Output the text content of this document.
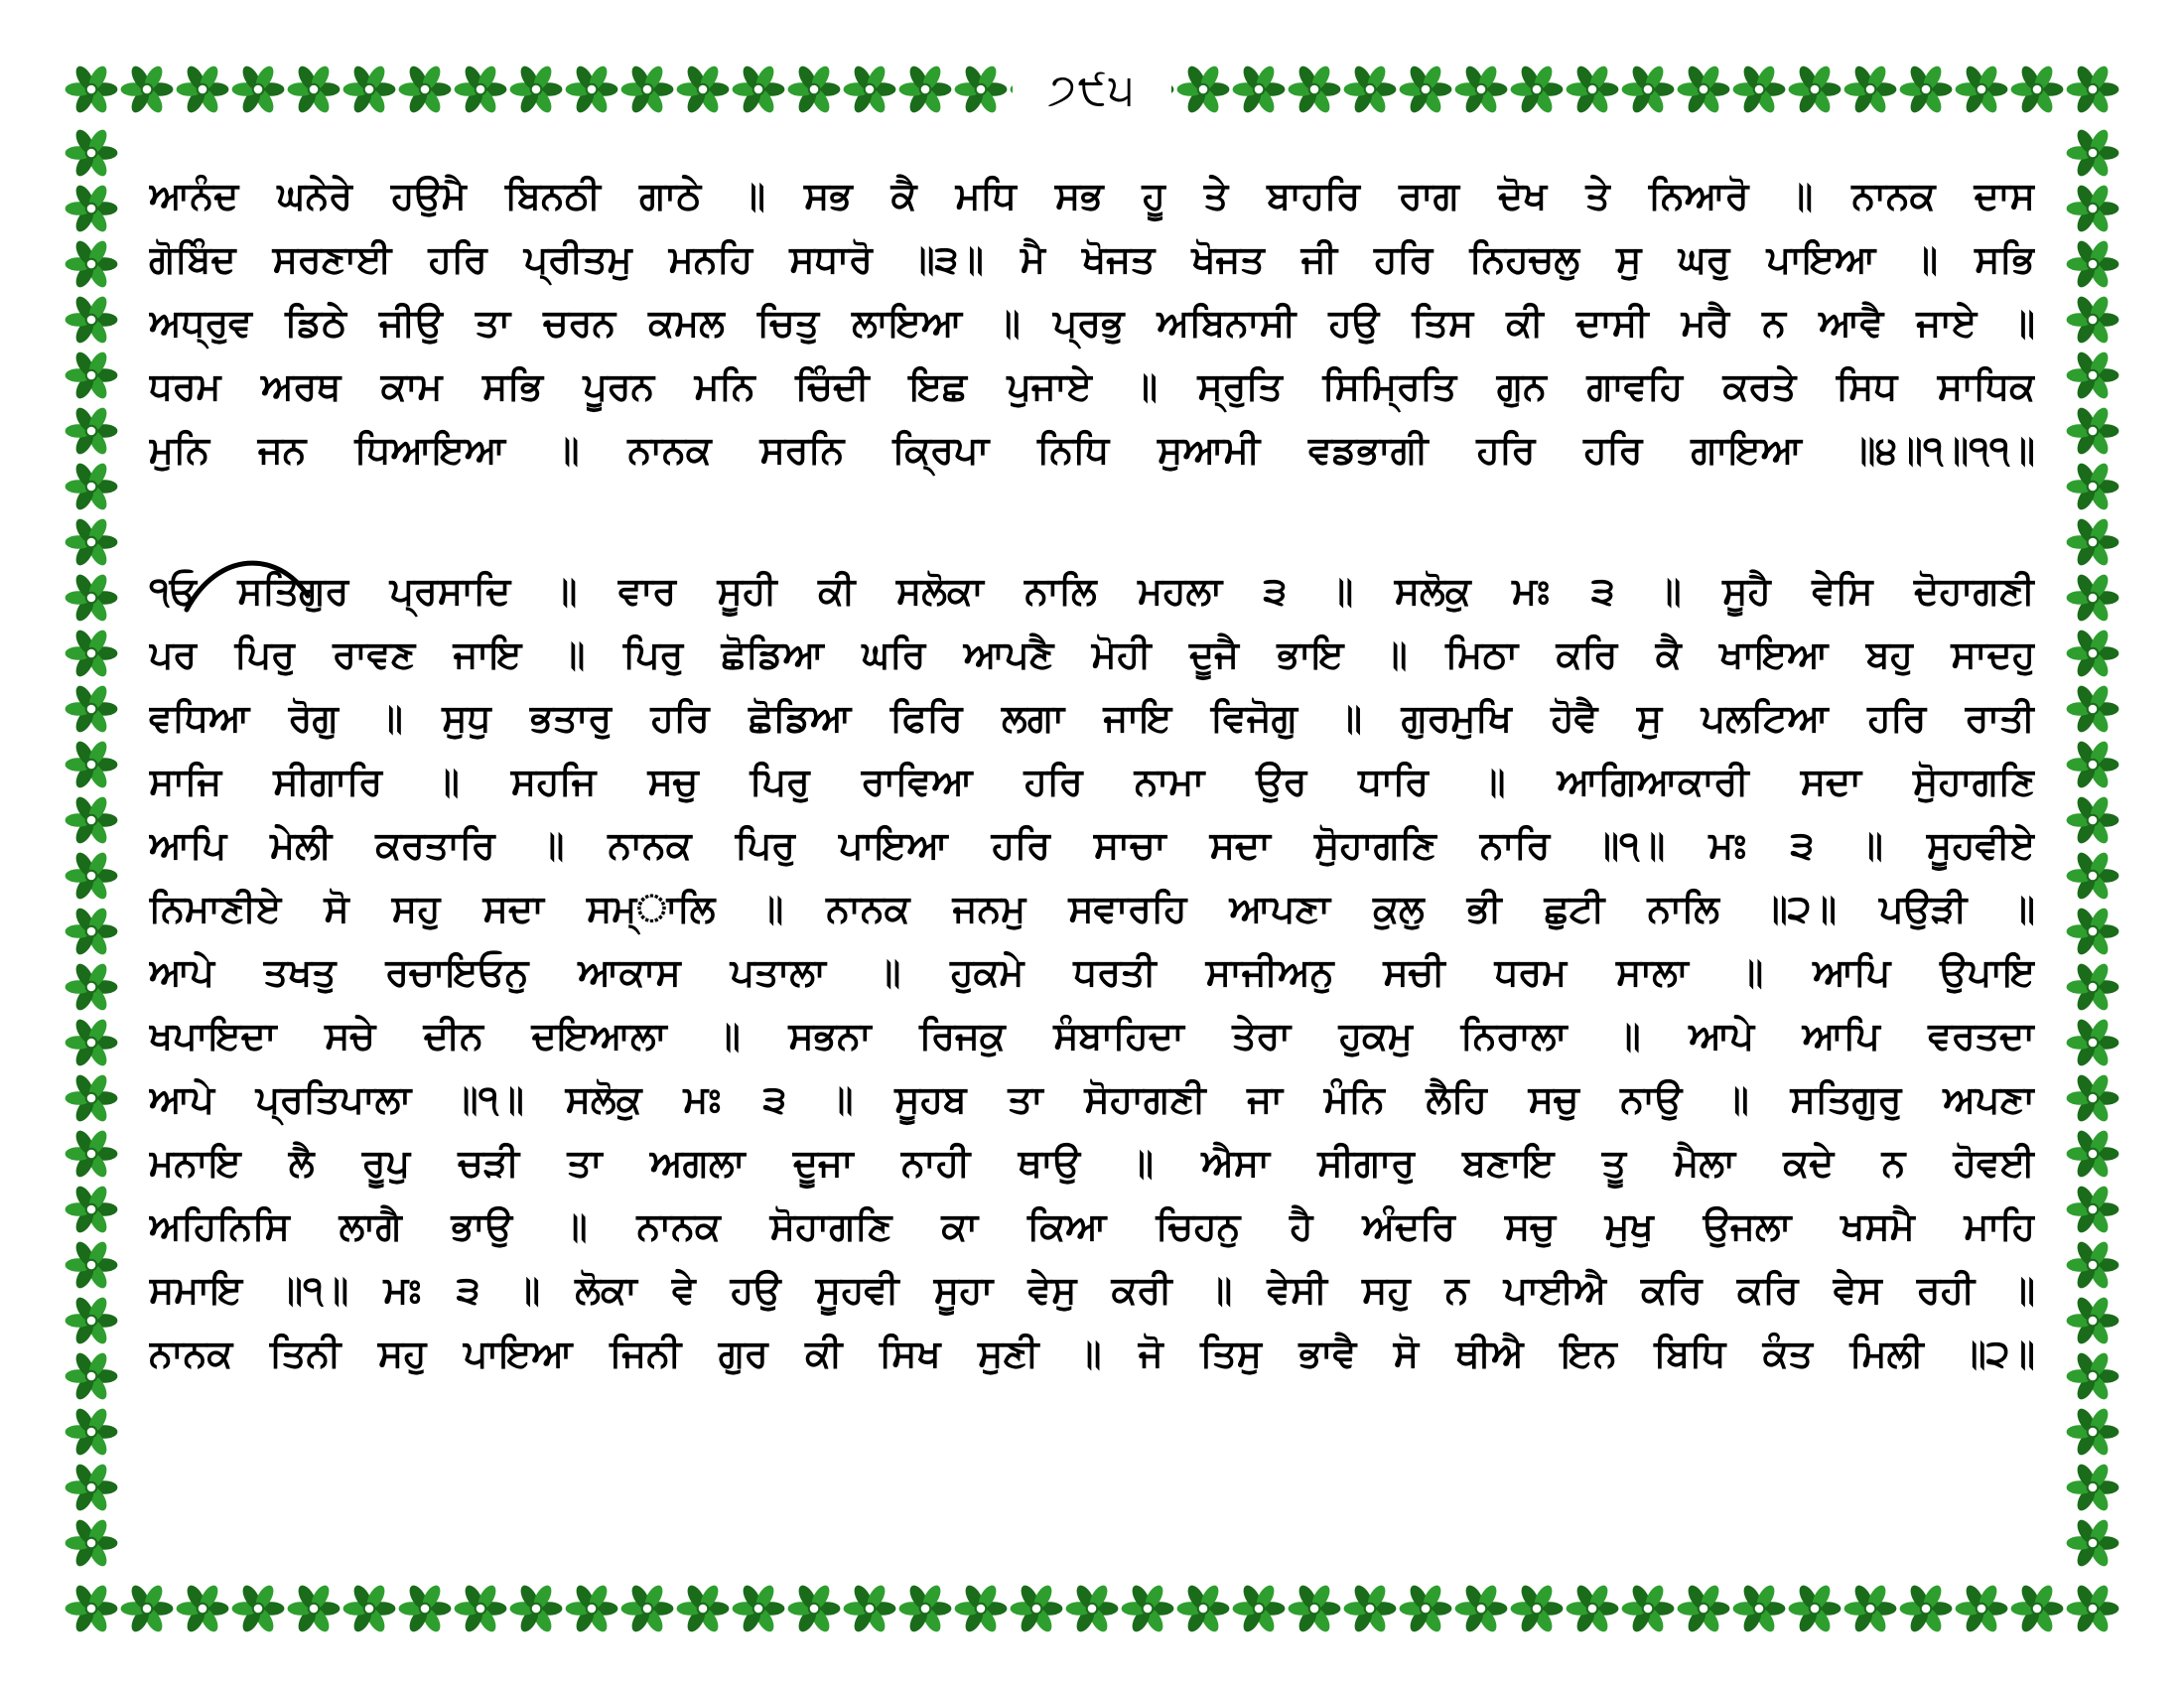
੭੯੫
ਆਨੰਦ ਘਨੇਰੇ ਹਉਮੈ ਬਿਨਠੀ ਗਾਠੇ ॥ ਸਭ ਕੈ ਮਧਿ ਸਭ ਹੂ ਤੇ ਬਾਹਰਿ ਰਾਗ ਦੋਖ ਤੇ ਨਿਆਰੋ ॥ ਨਾਨਕ ਦਾਸ
ਗੋਬਿੰਦ ਸਰਣਾਈ ਹਰਿ ਪ੍ਰੀਤਮੁ ਮਨਹਿ ਸਧਾਰੋ ॥੩॥ ਮੈ ਖੋਜਤ ਖੋਜਤ ਜੀ ਹਰਿ ਨਿਹਚਲੁ ਸੁ ਘਰੁ ਪਾਇਆ ॥ ਸਭਿ
ਅਧ੍ਰੁਵ ਡਿਠੇ ਜੀਉ ਤਾ ਚਰਨ ਕਮਲ ਚਿਤੁ ਲਾਇਆ ॥ ਪ੍ਰਭੁ ਅਬਿਨਾਸੀ ਹਉ ਤਿਸ ਕੀ ਦਾਸੀ ਮਰੈ ਨ ਆਵੈ ਜਾਏ ॥
ਧਰਮ ਅਰਥ ਕਾਮ ਸਭਿ ਪੂਰਨ ਮਨਿ ਚਿੰਦੀ ਇਛ ਪੁਜਾਏ ॥ ਸ੍ਰੁਤਿ ਸਿਮ੍ਰਿਤਿ ਗੁਨ ਗਾਵਹਿ ਕਰਤੇ ਸਿਧ ਸਾਧਿਕ
ਮੁਨਿ ਜਨ ਧਿਆਇਆ ॥ ਨਾਨਕ ਸਰਨਿ ਕ੍ਰਿਪਾ ਨਿਧਿ ਸੁਆਮੀ ਵਡਭਾਗੀ ਹਰਿ ਹਰਿ ਗਾਇਆ ॥੪॥੧॥੧੧॥
੧ਓ ਸਤਿਗੁਰ ਪ੍ਰਸਾਦਿ ॥ ਵਾਰ ਸੂਹੀ ਕੀ ਸਲੋਕਾ ਨਾਲਿ ਮਹਲਾ ੩ ॥ ਸਲੋਕੁ ਮਃ ੩ ॥ ਸੂਹੈ ਵੇਸਿ ਦੋਹਾਗਣੀ
ਪਰ ਪਿਰੁ ਰਾਵਣ ਜਾਇ ॥ ਪਿਰੁ ਛੋਡਿਆ ਘਰਿ ਆਪਣੈ ਮੋਹੀ ਦੂਜੈ ਭਾਇ ॥ ਮਿਠਾ ਕਰਿ ਕੈ ਖਾਇਆ ਬਹੁ ਸਾਦਹੁ
ਵਧਿਆ ਰੋਗੁ ॥ ਸੁਧੁ ਭਤਾਰੁ ਹਰਿ ਛੋਡਿਆ ਫਿਰਿ ਲਗਾ ਜਾਇ ਵਿਜੋਗੁ ॥ ਗੁਰਮੁਖਿ ਹੋਵੈ ਸੁ ਪਲਟਿਆ ਹਰਿ ਰਾਤੀ
ਸਾਜਿ ਸੀਗਾਰਿ ॥ ਸਹਜਿ ਸਚੁ ਪਿਰੁ ਰਾਵਿਆ ਹਰਿ ਨਾਮਾ ਉਰ ਧਾਰਿ ॥ ਆਗਿਆਕਾਰੀ ਸਦਾ ਸੋੁਹਾਗਣਿ
ਆਪਿ ਮੇਲੀ ਕਰਤਾਰਿ ॥ ਨਾਨਕ ਪਿਰੁ ਪਾਇਆ ਹਰਿ ਸਾਚਾ ਸਦਾ ਸੋੁਹਾਗਣਿ ਨਾਰਿ ॥੧॥ ਮਃ ੩ ॥ ਸੂਹਵੀਏ
ਨਿਮਾਣੀਏ ਸੋ ਸਹੁ ਸਦਾ ਸਮ੍ਾਲਿ ॥ ਨਾਨਕ ਜਨਮੁ ਸਵਾਰਹਿ ਆਪਣਾ ਕੁਲੁ ਭੀ ਛੁਟੀ ਨਾਲਿ ॥੨॥ ਪਉੜੀ ॥
ਆਪੇ ਤਖਤੁ ਰਚਾਇਓਨੁ ਆਕਾਸ ਪਤਾਲਾ ॥ ਹੁਕਮੇ ਧਰਤੀ ਸਾਜੀਅਨੁ ਸਚੀ ਧਰਮ ਸਾਲਾ ॥ ਆਪਿ ਉਪਾਇ
ਖਪਾਇਦਾ ਸਚੇ ਦੀਨ ਦਇਆਲਾ ॥ ਸਭਨਾ ਰਿਜਕੁ ਸੰਬਾਹਿਦਾ ਤੇਰਾ ਹੁਕਮੁ ਨਿਰਾਲਾ ॥ ਆਪੇ ਆਪਿ ਵਰਤਦਾ
ਆਪੇ ਪ੍ਰਤਿਪਾਲਾ ॥੧॥ ਸਲੋਕੁ ਮਃ ੩ ॥ ਸੂਹਬ ਤਾ ਸੋਹਾਗਣੀ ਜਾ ਮੰਨਿ ਲੈਹਿ ਸਚੁ ਨਾਉ ॥ ਸਤਿਗੁਰੁ ਅਪਣਾ
ਮਨਾਇ ਲੈ ਰੂਪੁ ਚੜੀ ਤਾ ਅਗਲਾ ਦੂਜਾ ਨਾਹੀ ਥਾਉ ॥ ਐਸਾ ਸੀਗਾਰੁ ਬਣਾਇ ਤੂ ਮੈਲਾ ਕਦੇ ਨ ਹੋਵਈ
ਅਹਿਨਿਸਿ ਲਾਗੈ ਭਾਉ ॥ ਨਾਨਕ ਸੋਹਾਗਣਿ ਕਾ ਕਿਆ ਚਿਹਨੁ ਹੈ ਅੰਦਰਿ ਸਚੁ ਮੁਖੁ ਉਜਲਾ ਖਸਮੈ ਮਾਹਿ
ਸਮਾਇ ॥੧॥ ਮਃ ੩ ॥ ਲੋਕਾ ਵੇ ਹਉ ਸੂਹਵੀ ਸੂਹਾ ਵੇਸੁ ਕਰੀ ॥ ਵੇਸੀ ਸਹੁ ਨ ਪਾਈਐ ਕਰਿ ਕਰਿ ਵੇਸ ਰਹੀ ॥
ਨਾਨਕ ਤਿਨੀ ਸਹੁ ਪਾਇਆ ਜਿਨੀ ਗੁਰ ਕੀ ਸਿਖ ਸੁਣੀ ॥ ਜੋ ਤਿਸੁ ਭਾਵੈ ਸੋ ਥੀਐ ਇਨ ਬਿਧਿ ਕੰਤ ਮਿਲੀ ॥੨॥
